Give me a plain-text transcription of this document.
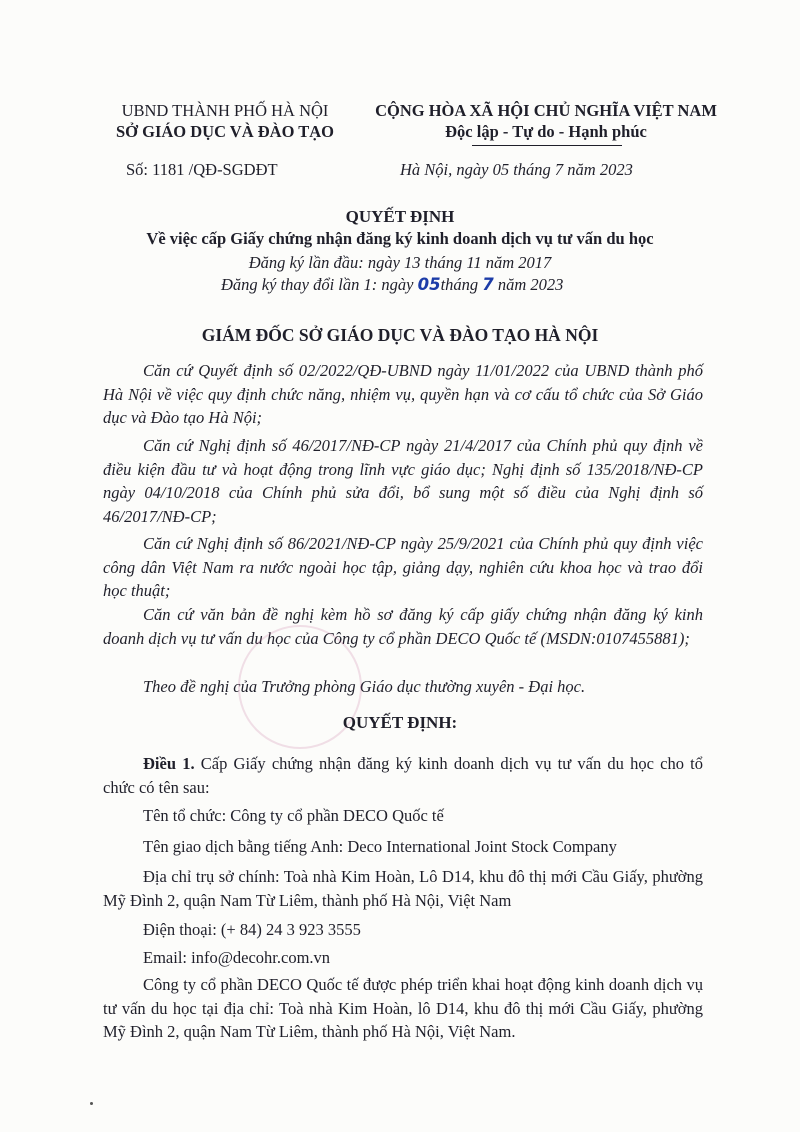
UBND THÀNH PHỐ HÀ NỘI
SỞ GIÁO DỤC VÀ ĐÀO TẠO
CỘNG HÒA XÃ HỘI CHỦ NGHĨA VIỆT NAM
Độc lập - Tự do - Hạnh phúc
Số: 1181 /QĐ-SGDĐT	Hà Nội, ngày 05 tháng 7 năm 2023
QUYẾT ĐỊNH
Về việc cấp Giấy chứng nhận đăng ký kinh doanh dịch vụ tư vấn du học
Đăng ký lần đầu: ngày 13 tháng 11 năm 2017
Đăng ký thay đổi lần 1: ngày 05tháng 7 năm 2023
GIÁM ĐỐC SỞ GIÁO DỤC VÀ ĐÀO TẠO HÀ NỘI
Căn cứ Quyết định số 02/2022/QĐ-UBND ngày 11/01/2022 của UBND thành phố Hà Nội về việc quy định chức năng, nhiệm vụ, quyền hạn và cơ cấu tổ chức của Sở Giáo dục và Đào tạo Hà Nội;
Căn cứ Nghị định số 46/2017/NĐ-CP ngày 21/4/2017 của Chính phủ quy định về điều kiện đầu tư và hoạt động trong lĩnh vực giáo dục; Nghị định số 135/2018/NĐ-CP ngày 04/10/2018 của Chính phủ sửa đổi, bổ sung một số điều của Nghị định số 46/2017/NĐ-CP;
Căn cứ Nghị định số 86/2021/NĐ-CP ngày 25/9/2021 của Chính phủ quy định việc công dân Việt Nam ra nước ngoài học tập, giảng dạy, nghiên cứu khoa học và trao đổi học thuật;
Căn cứ văn bản đề nghị kèm hồ sơ đăng ký cấp giấy chứng nhận đăng ký kinh doanh dịch vụ tư vấn du học của Công ty cổ phần DECO Quốc tế (MSDN:0107455881);
Theo đề nghị của Trưởng phòng Giáo dục thường xuyên - Đại học.
QUYẾT ĐỊNH:
Điều 1. Cấp Giấy chứng nhận đăng ký kinh doanh dịch vụ tư vấn du học cho tổ chức có tên sau:
Tên tổ chức: Công ty cổ phần DECO Quốc tế
Tên giao dịch bằng tiếng Anh: Deco International Joint Stock Company
Địa chỉ trụ sở chính: Toà nhà Kim Hoàn, Lô D14, khu đô thị mới Cầu Giấy, phường Mỹ Đình 2, quận Nam Từ Liêm, thành phố Hà Nội, Việt Nam
Điện thoại: (+ 84) 24 3 923 3555
Email: info@decohr.com.vn
Công ty cổ phần DECO Quốc tế được phép triển khai hoạt động kinh doanh dịch vụ tư vấn du học tại địa chỉ: Toà nhà Kim Hoàn, lô D14, khu đô thị mới Cầu Giấy, phường Mỹ Đình 2, quận Nam Từ Liêm, thành phố Hà Nội, Việt Nam.
